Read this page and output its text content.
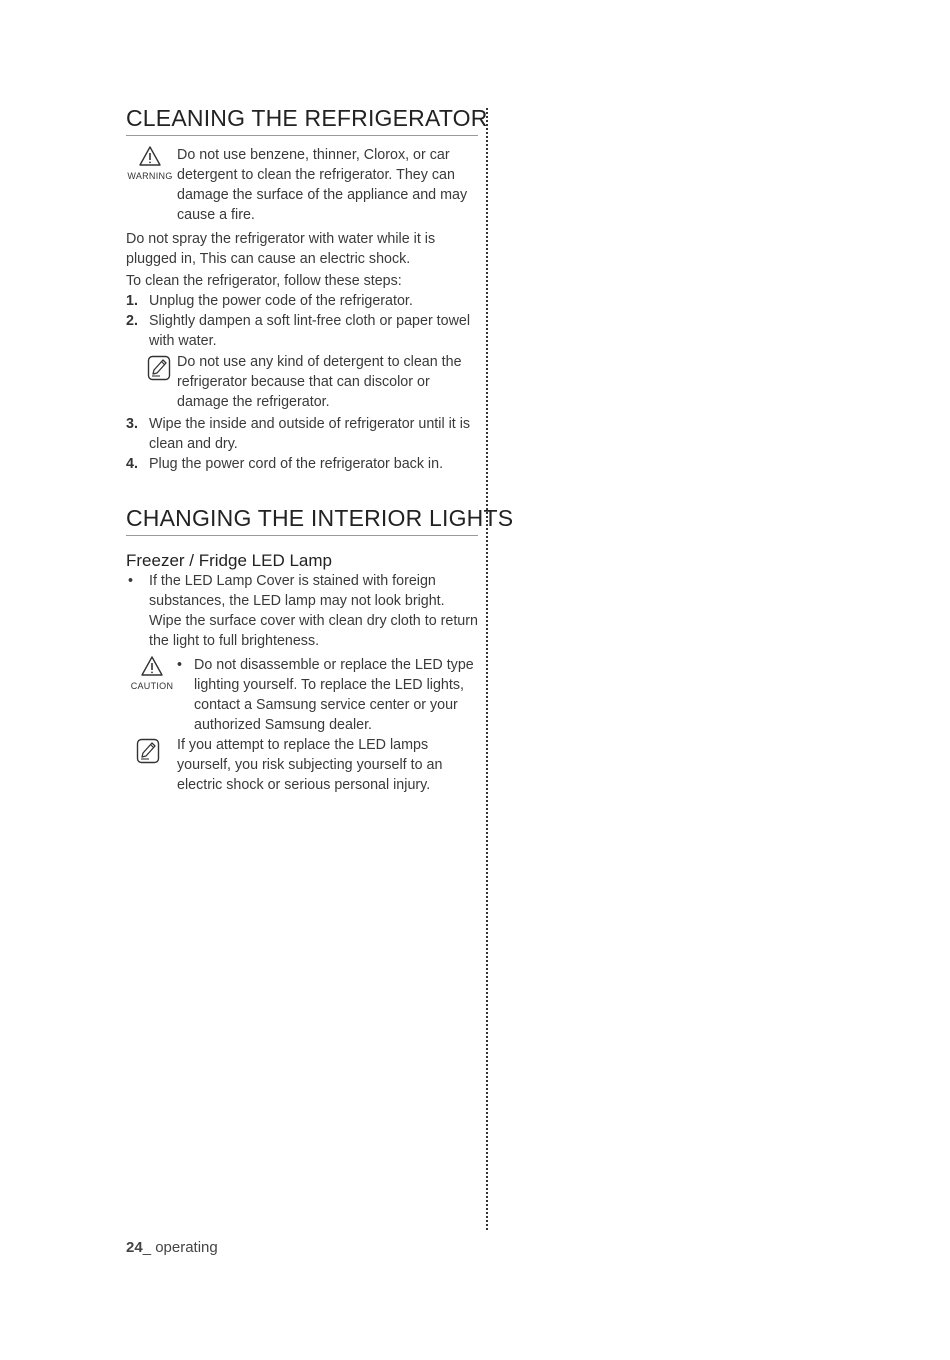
CLEANING THE REFRIGERATOR
WARNING

Do not use benzene, thinner, Clorox, or car detergent to clean the refrigerator. They can damage the surface of the appliance and may cause a fire.

Do not spray the refrigerator with water while it is plugged in, This can cause an electric shock.

To clean the refrigerator, follow these steps:

1. Unplug the power code of the refrigerator.
2. Slightly dampen a soft lint-free cloth or paper towel with water.
Do not use any kind of detergent to clean the refrigerator because that can discolor or damage the refrigerator.
3. Wipe the inside and outside of refrigerator until it is clean and dry.
4. Plug the power cord of the refrigerator back in.
CHANGING THE INTERIOR LIGHTS
Freezer / Fridge LED Lamp
• If the LED Lamp Cover is stained with foreign substances, the LED lamp may not look bright. Wipe the surface cover with clean dry cloth to return the light to full brighteness.
CAUTION
• Do not disassemble or replace the LED type lighting yourself. To replace the LED lights, contact a Samsung service center or your authorized Samsung dealer.

If you attempt to replace the LED lamps yourself, you risk subjecting yourself to an electric shock or serious personal injury.

24_ operating
